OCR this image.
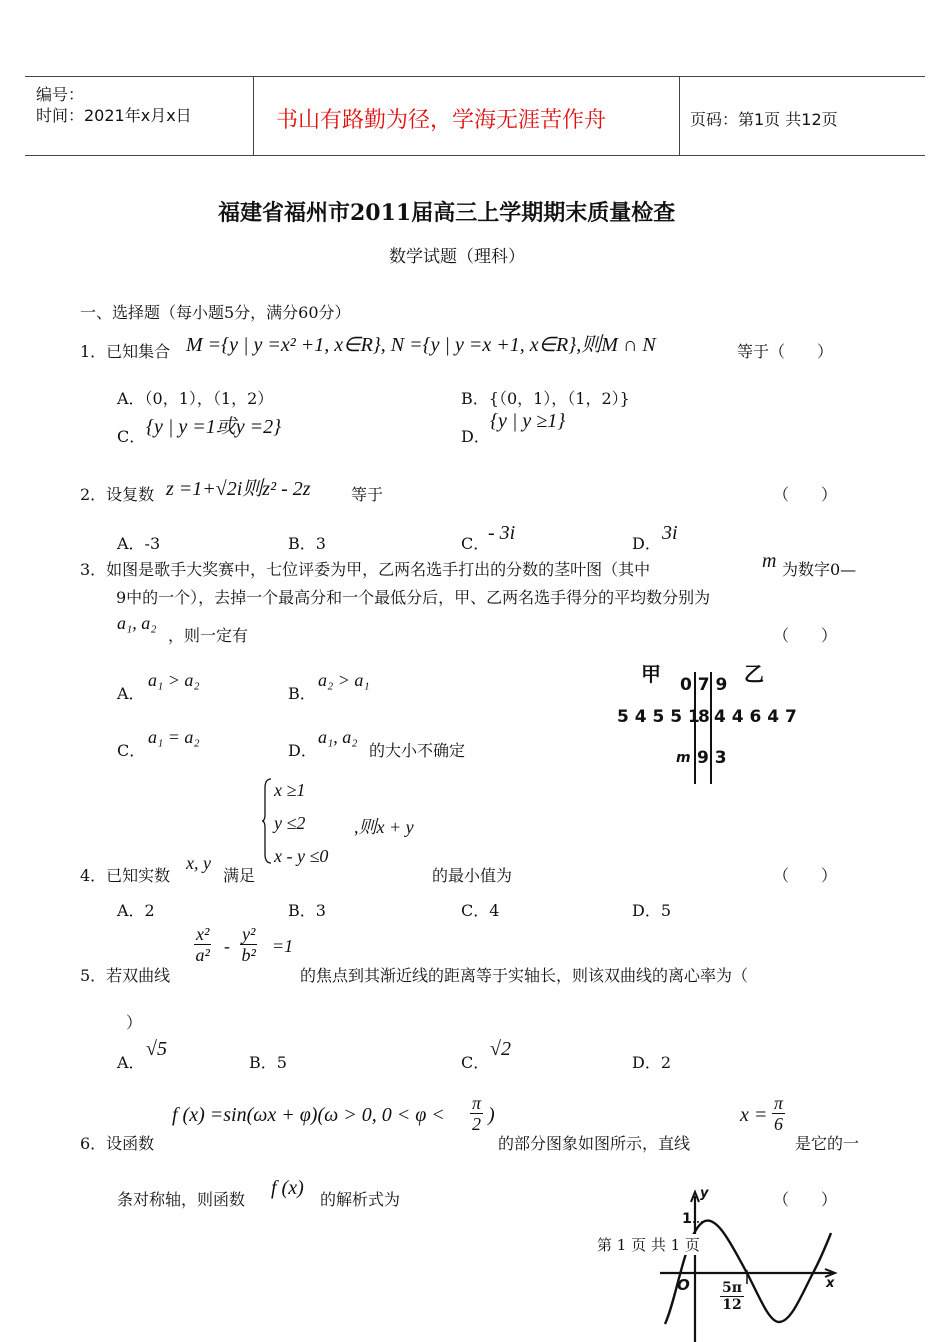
编号：
时间：2021年x月x日	书山有路勤为径，学海无涯苦作舟	页码：第1页 共12页
福建省福州市2011届高三上学期期末质量检查
数学试题（理科）
一、选择题（每小题5分，满分60分）
1．已知集合 M ={y | y =x² +1, x∈R}, N ={y | y =x +1, x∈R},则M ∩ N	等于（　　）
A．（0，1），（1，2）	B．{（0，1），（1，2）}
C． {y | y =1或y =2}	D．
{y | y ≥1}
2．设复数 z =1+√2i则z² - 2z	等于	（　　）
A．-3	B．3	C．
- 3i	D． 3i
3．如图是歌手大奖赛中，七位评委为甲，乙两名选手打出的分数的茎叶图（其中	m 为数字0—
9中的一个），去掉一个最高分和一个最低分后，甲、乙两名选手得分的平均数分别为
a₁, a₂
，则一定有	（　　）
A．
a₁ > a₂
B．
a₂ > a₁
C．
a₁ = a₂
D．
a₁, a₂
的大小不确定
甲	乙
0 7 9
5 4 5 5 1
8 4 4 6 4 7
m 9 3
x ≥1
y ≤2
x - y ≤0
,则x + y
4．已知实数
x, y
满足	的最小值为	（　　）
A．2	B．3	C．4	D．5
5．若双曲线
$\frac{\text{x²}}{\text{a²}} - \frac{\text{y²}}{\text{b²}} =1$
的焦点到其渐近线的距离等于实轴长，则该双曲线的离心率为（
）
A．
√5
B．5	C．
√2
D．2
6．设函数
f (x) =sin(ωx + φ)(ω > 0, $0 < \varphi < \frac{\pi}{2}$ )
的部分图象如图所示，直线
$x = \frac{\pi}{6}$
是它的一
条对称轴，则函数
f (x)
的解析式为	（　　）
y
x
O
1
$\frac{5\pi}{12}$
第 1 页 共 1 页
